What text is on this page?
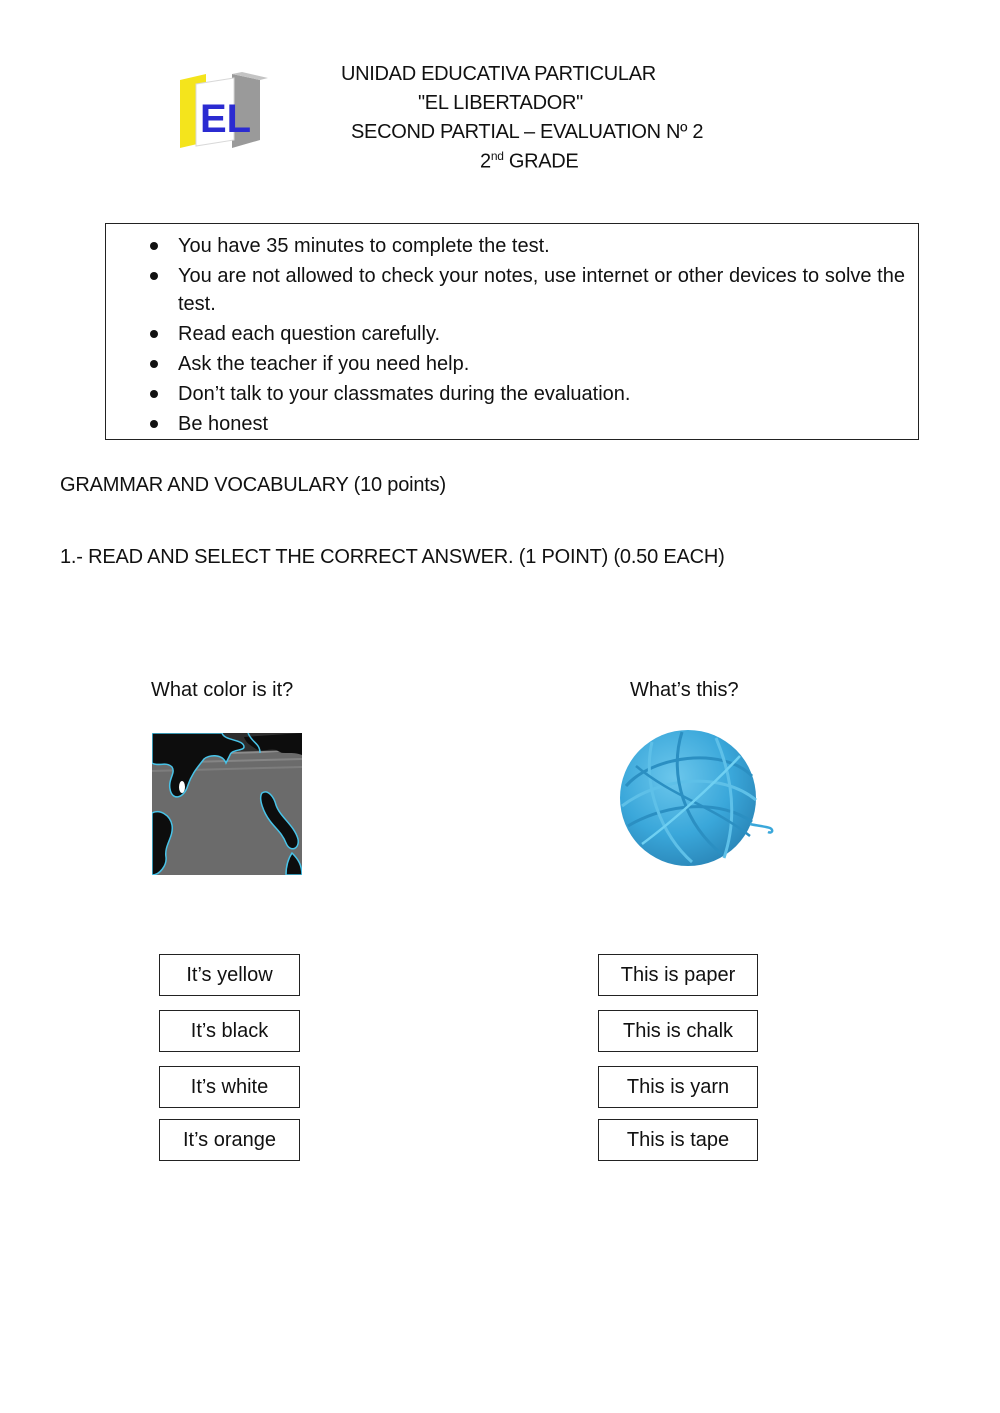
EL
UNIDAD EDUCATIVA PARTICULAR
"EL LIBERTADOR"
SECOND PARTIAL – EVALUATION Nº 2
2nd GRADE
You have 35 minutes to complete the test.
You are not allowed to check your notes, use internet or other devices to solve the test.
Read each question carefully.
Ask the teacher if you need help.
Don’t talk to your classmates during the evaluation.
Be honest
GRAMMAR AND VOCABULARY (10 points)
1.- READ AND SELECT THE CORRECT ANSWER. (1 POINT) (0.50 EACH)
What color is it?
It’s yellow
It’s black
It’s white
It’s orange
What’s this?
This is paper
This is chalk
This is yarn
This is tape
